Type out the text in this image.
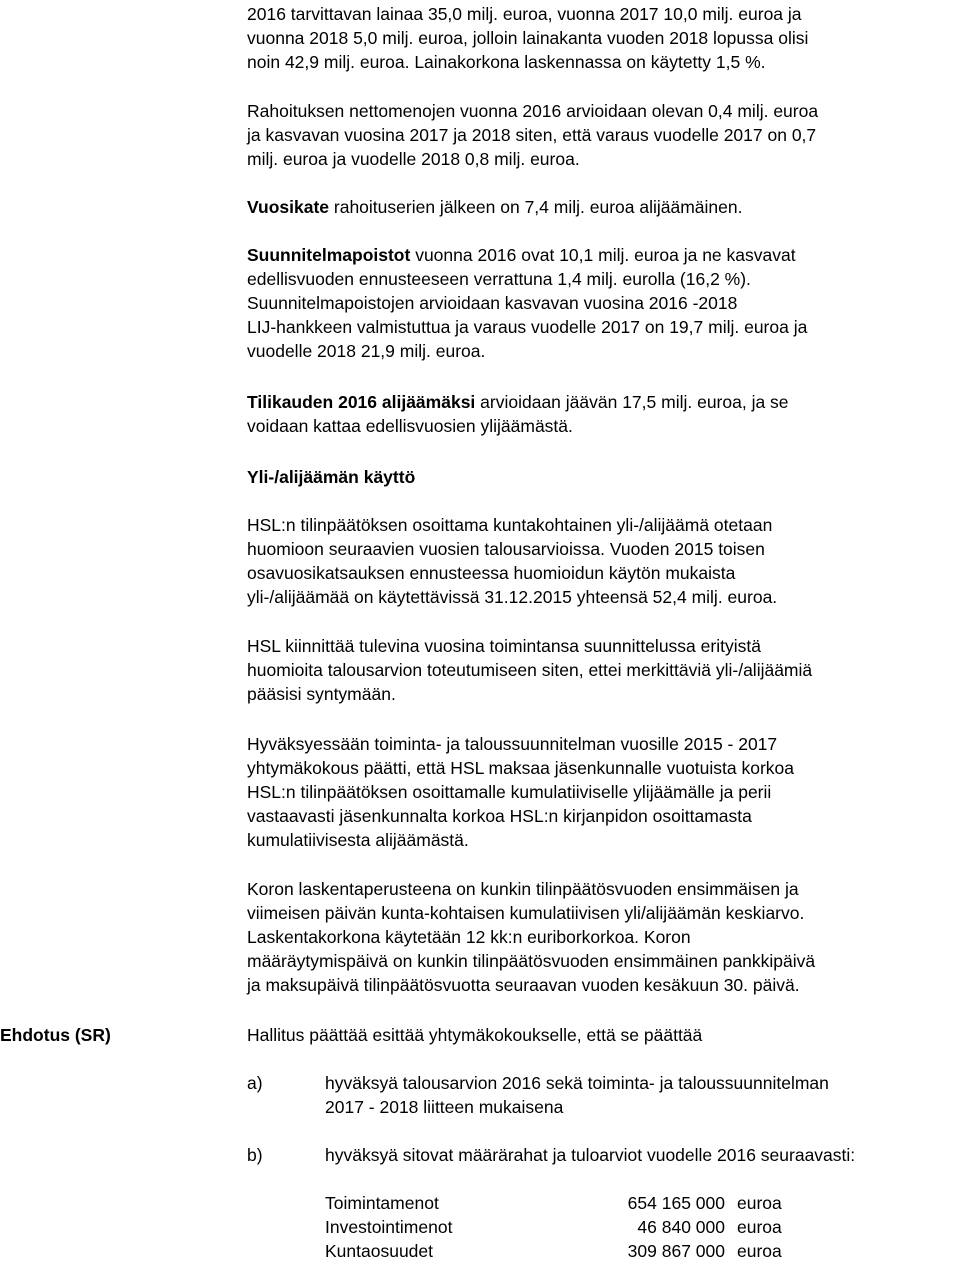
2016 tarvittavan lainaa 35,0 milj. euroa, vuonna 2017 10,0 milj. euroa ja
vuonna 2018 5,0 milj. euroa, jolloin lainakanta vuoden 2018 lopussa olisi
noin 42,9 milj. euroa. Lainakorkona laskennassa on käytetty 1,5 %.

Rahoituksen nettomenojen vuonna 2016 arvioidaan olevan 0,4 milj. euroa
ja kasvavan vuosina 2017 ja 2018 siten, että varaus vuodelle 2017 on 0,7
milj. euroa ja vuodelle 2018 0,8 milj. euroa.

Vuosikate rahoituserien jälkeen on 7,4 milj. euroa alijäämäinen.

Suunnitelmapoistot vuonna 2016 ovat 10,1 milj. euroa ja ne kasvavat
edellisvuoden ennusteeseen verrattuna 1,4 milj. eurolla (16,2 %).
Suunnitelmapoistojen arvioidaan kasvavan vuosina 2016 -2018
LIJ-hankkeen valmistuttua ja varaus vuodelle 2017 on 19,7 milj. euroa ja
vuodelle 2018 21,9 milj. euroa.

Tilikauden 2016 alijäämäksi arvioidaan jäävän 17,5 milj. euroa, ja se
voidaan kattaa edellisvuosien ylijäämästä.

Yli-/alijäämän käyttö

HSL:n tilinpäätöksen osoittama kuntakohtainen yli-/alijäämä otetaan
huomioon seuraavien vuosien talousarvioissa. Vuoden 2015 toisen
osavuosikatsauksen ennusteessa huomioidun käytön mukaista
yli-/alijäämää on käytettävissä 31.12.2015 yhteensä 52,4 milj. euroa.

HSL kiinnittää tulevina vuosina toimintansa suunnittelussa erityistä
huomioita talousarvion toteutumiseen siten, ettei merkittäviä yli-/alijäämiä
pääsisi syntymään.

Hyväksyessään toiminta- ja taloussuunnitelman vuosille 2015 - 2017
yhtymäkokous päätti, että HSL maksaa jäsenkunnalle vuotuista korkoa
HSL:n tilinpäätöksen osoittamalle kumulatiiviselle ylijäämälle ja perii
vastaavasti jäsenkunnalta korkoa HSL:n kirjanpidon osoittamasta
kumulatiivisesta alijäämästä.

Koron laskentaperusteena on kunkin tilinpäätösvuoden ensimmäisen ja
viimeisen päivän kunta-kohtaisen kumulatiivisen yli/alijäämän keskiarvo.
Laskentakorkona käytetään 12 kk:n euriborkorkoa. Koron
määräytymispäivä on kunkin tilinpäätösvuoden ensimmäinen pankkipäivä
ja maksupäivä tilinpäätösvuotta seuraavan vuoden kesäkuun 30. päivä.

Ehdotus (SR)	Hallitus päättää esittää yhtymäkokoukselle, että se päättää

a)	hyväksyä talousarvion 2016 sekä toiminta- ja taloussuunnitelman
2017 - 2018 liitteen mukaisena
b)	hyväksyä sitovat määrärahat ja tuloarviot vuodelle 2016 seuraavasti:
Toimintamenot	654 165 000 euroa
Investointimenot	46 840 000 euroa
Kuntaosuudet	309 867 000 euroa
